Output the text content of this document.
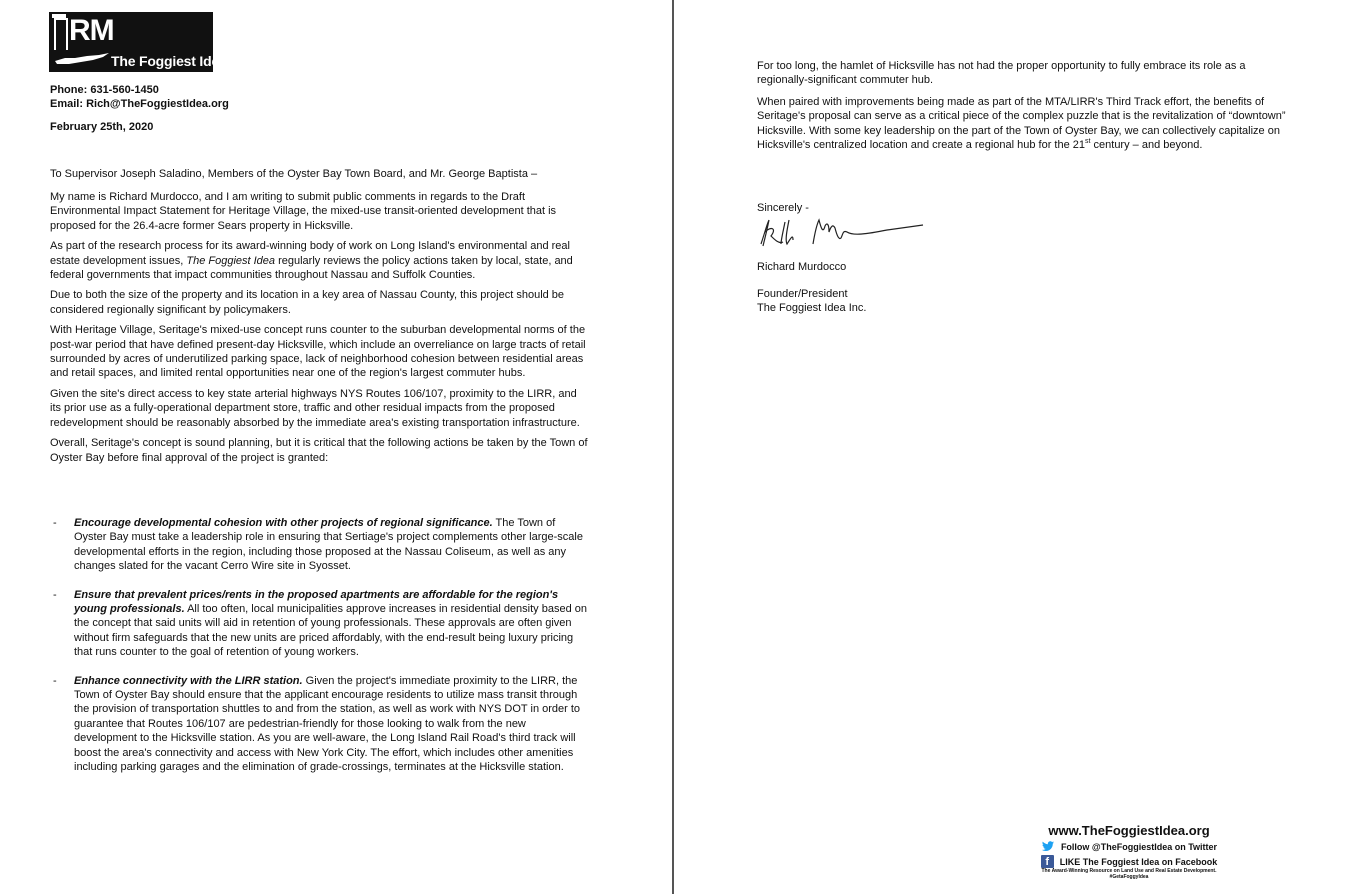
RM
The Foggiest Idea
Phone: 631-560-1450
Email: Rich@TheFoggiestIdea.org
February 25th, 2020
To Supervisor Joseph Saladino, Members of the Oyster Bay Town Board, and Mr. George Baptista –

My name is Richard Murdocco, and I am writing to submit public comments in regards to the Draft Environmental Impact Statement for Heritage Village, the mixed-use transit-oriented development that is proposed for the 26.4-acre former Sears property in Hicksville.

As part of the research process for its award-winning body of work on Long Island's environmental and real estate development issues, The Foggiest Idea regularly reviews the policy actions taken by local, state, and federal governments that impact communities throughout Nassau and Suffolk Counties.

Due to both the size of the property and its location in a key area of Nassau County, this project should be considered regionally significant by policymakers.

With Heritage Village, Seritage's mixed-use concept runs counter to the suburban developmental norms of the post-war period that have defined present-day Hicksville, which include an overreliance on large tracts of retail surrounded by acres of underutilized parking space, lack of neighborhood cohesion between residential areas and retail spaces, and limited rental opportunities near one of the region's largest commuter hubs.

Given the site's direct access to key state arterial highways NYS Routes 106/107, proximity to the LIRR, and its prior use as a fully-operational department store, traffic and other residual impacts from the proposed redevelopment should be reasonably absorbed by the immediate area's existing transportation infrastructure.

Overall, Seritage's concept is sound planning, but it is critical that the following actions be taken by the Town of Oyster Bay before final approval of the project is granted:

- Encourage developmental cohesion with other projects of regional significance. The Town of Oyster Bay must take a leadership role in ensuring that Sertiage's project complements other large-scale developmental efforts in the region, including those proposed at the Nassau Coliseum, as well as any changes slated for the vacant Cerro Wire site in Syosset.
- Ensure that prevalent prices/rents in the proposed apartments are affordable for the region's young professionals. All too often, local municipalities approve increases in residential density based on the concept that said units will aid in retention of young professionals. These approvals are often given without firm safeguards that the new units are priced affordably, with the end-result being luxury pricing that runs counter to the goal of retention of young workers.
- Enhance connectivity with the LIRR station. Given the project's immediate proximity to the LIRR, the Town of Oyster Bay should ensure that the applicant encourage residents to utilize mass transit through the provision of transportation shuttles to and from the station, as well as work with NYS DOT in order to guarantee that Routes 106/107 are pedestrian-friendly for those looking to walk from the new development to the Hicksville station. As you are well-aware, the Long Island Rail Road's third track will boost the area's connectivity and access with New York City. The effort, which includes other amenities including parking garages and the elimination of grade-crossings, terminates at the Hicksville station.

For too long, the hamlet of Hicksville has not had the proper opportunity to fully embrace its role as a regionally-significant commuter hub.

When paired with improvements being made as part of the MTA/LIRR's Third Track effort, the benefits of Seritage's proposal can serve as a critical piece of the complex puzzle that is the revitalization of “downtown” Hicksville. With some key leadership on the part of the Town of Oyster Bay, we can collectively capitalize on Hicksville's centralized location and create a regional hub for the 21st century – and beyond.

Sincerely -
Richard Murdocco
Founder/President
The Foggiest Idea Inc.
www.TheFoggiestIdea.org
Follow @TheFoggiestIdea on Twitter
f	LIKE The Foggiest Idea on Facebook
The Award-Winning Resource on Land Use and Real Estate Development.
#GetaFoggyIdea
